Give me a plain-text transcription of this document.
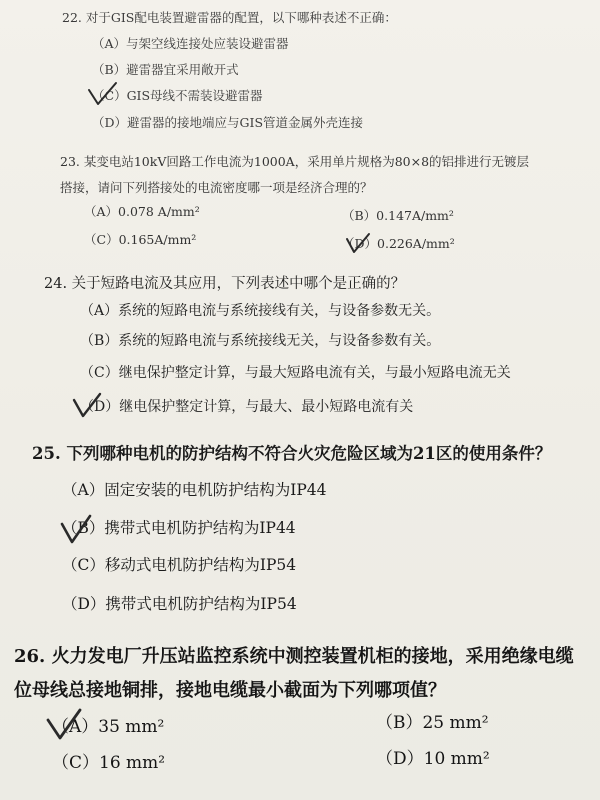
22. 对于GIS配电装置避雷器的配置，以下哪种表述不正确：
（A）与架空线连接处应装设避雷器
（B）避雷器宜采用敞开式
（C）GIS母线不需装设避雷器
（D）避雷器的接地端应与GIS管道金属外壳连接
23. 某变电站10kV回路工作电流为1000A，采用单片规格为80×8的铝排进行无镀层
搭接，请问下列搭接处的电流密度哪一项是经济合理的？
（A）0.078 A/mm²	（B）0.147A/mm²
（C）0.165A/mm²	（D）0.226A/mm²
24. 关于短路电流及其应用，下列表述中哪个是正确的？
（A）系统的短路电流与系统接线有关，与设备参数无关。
（B）系统的短路电流与系统接线无关，与设备参数有关。
（C）继电保护整定计算，与最大短路电流有关，与最小短路电流无关
（D）继电保护整定计算，与最大、最小短路电流有关
25. 下列哪种电机的防护结构不符合火灾危险区域为21区的使用条件？
（A）固定安装的电机防护结构为IP44
（B）携带式电机防护结构为IP44
（C）移动式电机防护结构为IP54
（D）携带式电机防护结构为IP54
26. 火力发电厂升压站监控系统中测控装置机柜的接地，采用绝缘电缆
位母线总接地铜排，接地电缆最小截面为下列哪项值？
（A）35 mm²	（B）25 mm²
（C）16 mm²	（D）10 mm²
